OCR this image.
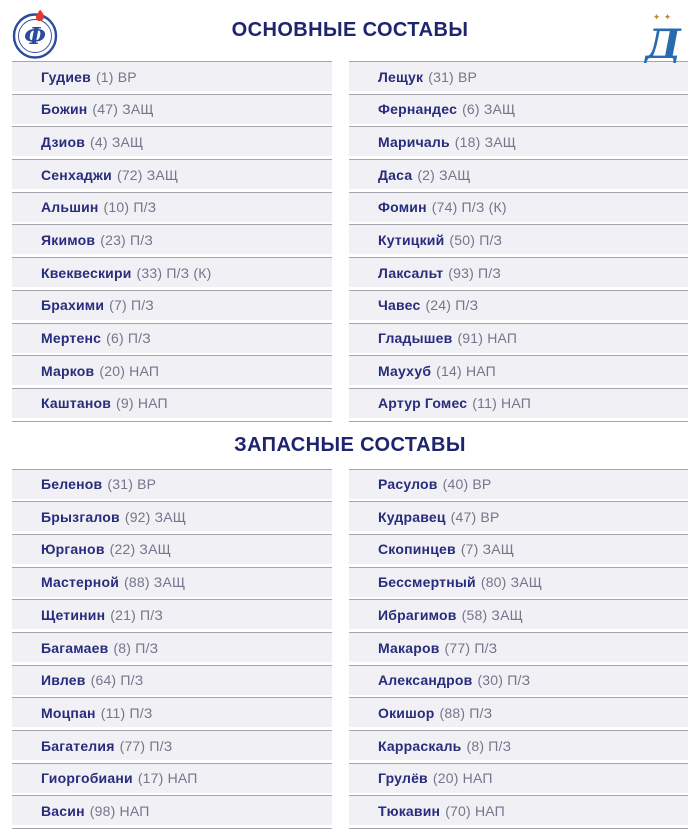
Ф	ОСНОВНЫЕ СОСТАВЫ
✦ ✦
Д
Гудиев (1) ВР
Божин (47) ЗАЩ
Дзиов (4) ЗАЩ
Сенхаджи (72) ЗАЩ
Альшин (10) П/З
Якимов (23) П/З
Квеквескири (33) П/З (К)
Брахими (7) П/З
Мертенс (6) П/З
Марков (20) НАП
Каштанов (9) НАП
Лещук (31) ВР
Фернандес (6) ЗАЩ
Маричаль (18) ЗАЩ
Даса (2) ЗАЩ
Фомин (74) П/З (К)
Кутицкий (50) П/З
Лаксальт (93) П/З
Чавес (24) П/З
Гладышев (91) НАП
Маухуб (14) НАП
Артур Гомес (11) НАП
ЗАПАСНЫЕ СОСТАВЫ
Беленов (31) ВР
Брызгалов (92) ЗАЩ
Юрганов (22) ЗАЩ
Мастерной (88) ЗАЩ
Щетинин (21) П/З
Багамаев (8) П/З
Ивлев (64) П/З
Моцпан (11) П/З
Багателия (77) П/З
Гиоргобиани (17) НАП
Васин (98) НАП
Расулов (40) ВР
Кудравец (47) ВР
Скопинцев (7) ЗАЩ
Бессмертный (80) ЗАЩ
Ибрагимов (58) ЗАЩ
Макаров (77) П/З
Александров (30) П/З
Окишор (88) П/З
Карраскаль (8) П/З
Грулёв (20) НАП
Тюкавин (70) НАП
